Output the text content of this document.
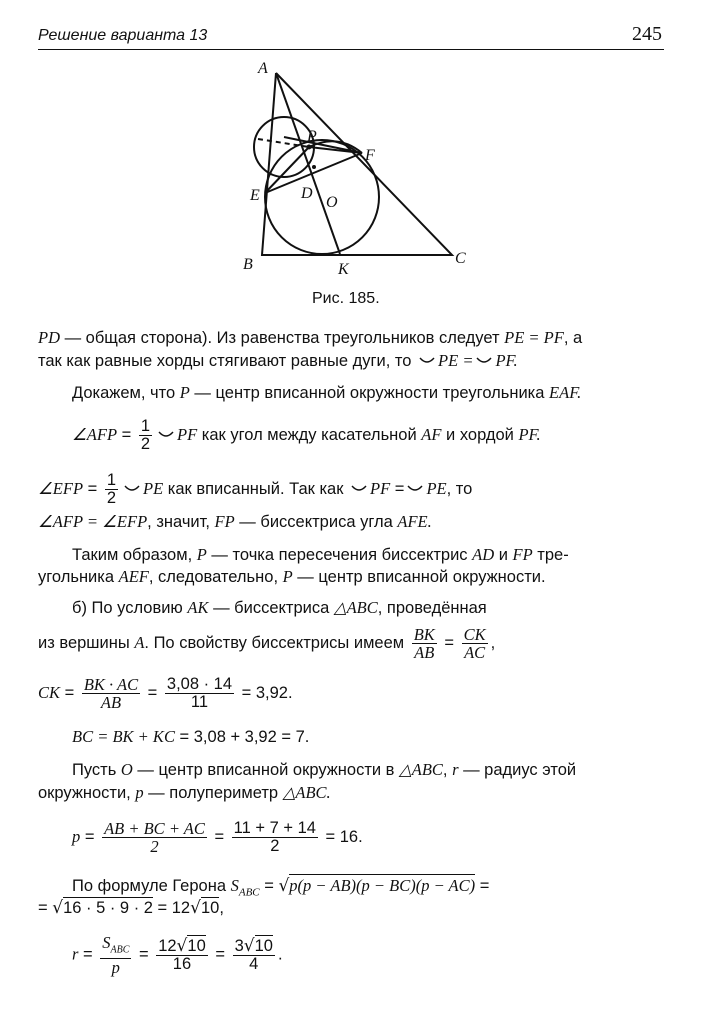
Решение варианта 13	245
A
P
F
E	D
O
B	K
C
Рис. 185.
PD — общая сторона). Из равенства треугольников следует PE = PF, а
так как равные хорды стягивают равные дуги, то PE = PF.
Докажем, что P — центр вписанной окружности треугольника EAF.
∠AFP = $\frac{1}{2}$ PF как угол между касательной AF и хордой PF.
∠EFP = $\frac{1}{2}$ PE как вписанный. Так как PF = PE, то
∠AFP = ∠EFP, значит, FP — биссектриса угла AFE.
Таким образом, P — точка пересечения биссектрис AD и FP тре-
угольника AEF, следовательно, P — центр вписанной окружности.
б) По условию AK — биссектриса △ABC, проведённая
из вершины A. По свойству биссектрисы имеем $\frac{BK}{AB} = \frac{CK}{AC}$ ,
CK = $\frac{BK \cdot AC}{AB} = \frac{3,08 \cdot 14}{11} = 3,92$.
BC = BK + KC = 3,08 + 3,92 = 7.
Пусть O — центр вписанной окружности в △ABC, r — радиус этой
окружности, p — полупериметр △ABC.
$p = \frac{AB + BC + AC}{2} = \frac{11 + 7 + 14}{2} = 16$.
По формуле Герона $S_{ABC} = √p(p - AB)(p - BC)(p - AC)$ =
= √16 · 5 · 9 · 2 = 12√10,
$r = \frac{S_{ABC}}{p} = \frac{12√10}{16} = \frac{3√10}{4}$ .
